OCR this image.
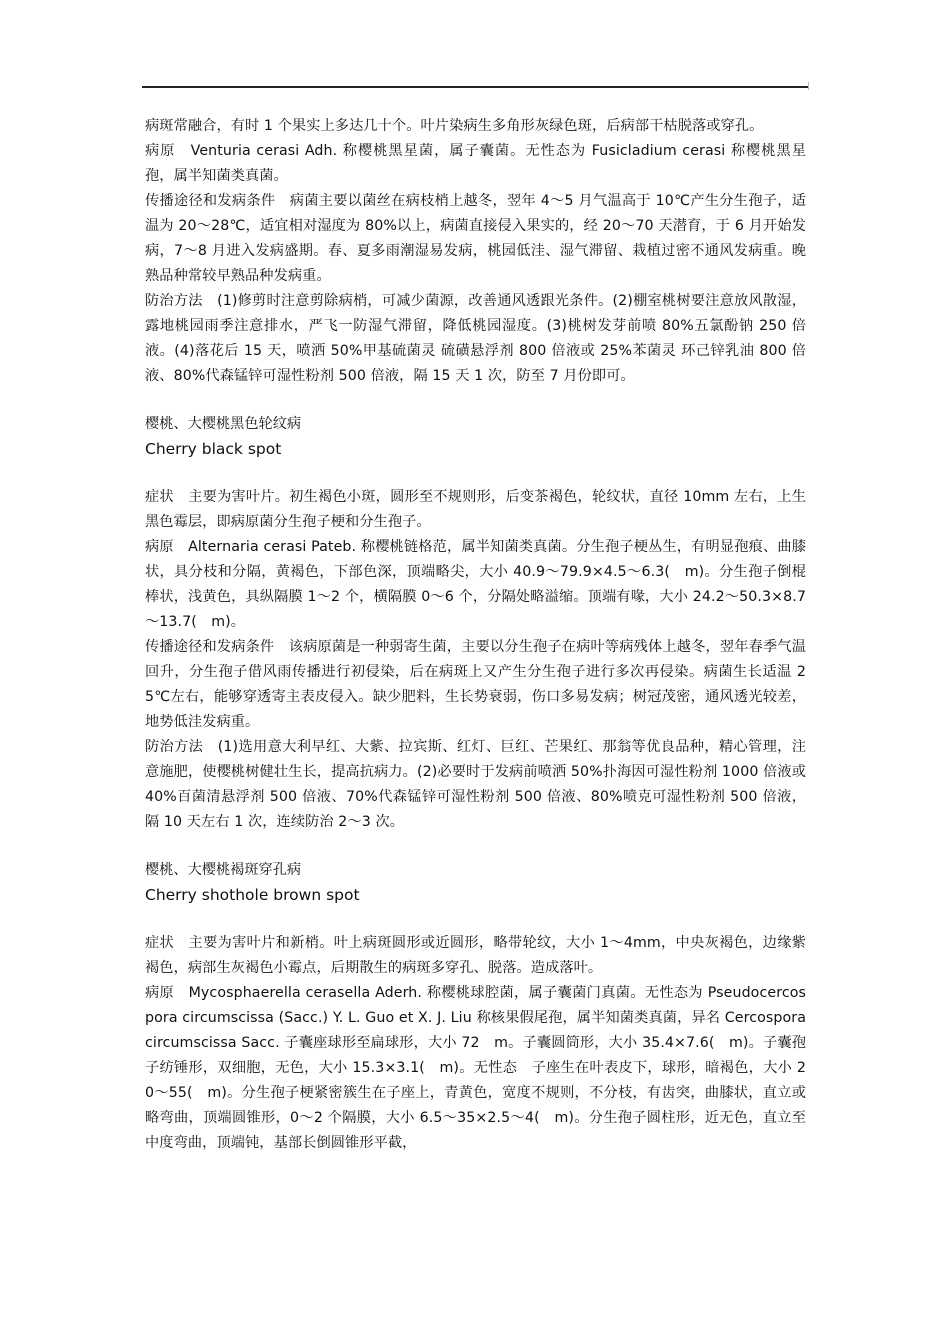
病斑常融合，有时 1 个果实上多达几十个。叶片染病生多角形灰绿色斑，后病部干枯脱落或穿孔。

病原　Venturia cerasi Adh. 称樱桃黑星菌，属子囊菌。无性态为 Fusicladium cerasi 称樱桃黑星孢，属半知菌类真菌。

传播途径和发病条件　病菌主要以菌丝在病枝梢上越冬，翌年 4～5 月气温高于 10℃产生分生孢子，适温为 20～28℃，适宜相对湿度为 80%以上，病菌直接侵入果实的，经 20～70 天潜育，于 6 月开始发病，7～8 月进入发病盛期。春、夏多雨潮湿易发病，桃园低洼、湿气滞留、栽植过密不通风发病重。晚熟品种常较早熟品种发病重。

防治方法　(1)修剪时注意剪除病梢，可减少菌源，改善通风透跟光条件。(2)棚室桃树要注意放风散湿，露地桃园雨季注意排水，严飞一防湿气滞留，降低桃园湿度。(3)桃树发芽前喷 80%五氯酚钠 250 倍液。(4)落花后 15 天，喷洒 50%甲基硫菌灵 硫磺悬浮剂 800 倍液或 25%苯菌灵 环己锌乳油 800 倍液、80%代森锰锌可湿性粉剂 500 倍液，隔 15 天 1 次，防至 7 月份即可。

樱桃、大樱桃黑色轮纹病

Cherry black spot

症状　主要为害叶片。初生褐色小斑，圆形至不规则形，后变茶褐色，轮纹状，直径 10mm 左右，上生黑色霉层，即病原菌分生孢子梗和分生孢子。

病原　Alternaria cerasi Pateb. 称樱桃链格范，属半知菌类真菌。分生孢子梗丛生，有明显孢痕、曲膝状，具分枝和分隔，黄褐色，下部色深，顶端略尖，大小 40.9～79.9×4.5～6.3(　m)。分生孢子倒棍棒状，浅黄色，具纵隔膜 1～2 个，横隔膜 0～6 个，分隔处略溢缩。顶端有喙，大小 24.2～50.3×8.7～13.7(　m)。

传播途径和发病条件　该病原菌是一种弱寄生菌，主要以分生孢子在病叶等病残体上越冬，翌年春季气温回升，分生孢子借风雨传播进行初侵染，后在病斑上又产生分生孢子进行多次再侵染。病菌生长适温 25℃左右，能够穿透寄主表皮侵入。缺少肥料，生长势衰弱，伤口多易发病；树冠茂密，通风透光较差，地势低洼发病重。

防治方法　(1)选用意大利早红、大紫、拉宾斯、红灯、巨红、芒果红、那翁等优良品种，精心管理，注意施肥，使樱桃树健壮生长，提高抗病力。(2)必要时于发病前喷洒 50%扑海因可湿性粉剂 1000 倍液或 40%百菌清悬浮剂 500 倍液、70%代森锰锌可湿性粉剂 500 倍液、80%喷克可湿性粉剂 500 倍液，隔 10 天左右 1 次，连续防治 2～3 次。

樱桃、大樱桃褐斑穿孔病

Cherry shothole brown spot

症状　主要为害叶片和新梢。叶上病斑圆形或近圆形，略带轮纹，大小 1～4mm，中央灰褐色，边缘紫褐色，病部生灰褐色小霉点，后期散生的病斑多穿孔、脱落。造成落叶。

病原　Mycosphaerella cerasella Aderh. 称樱桃球腔菌，属子囊菌门真菌。无性态为 Pseudocercospora circumscissa (Sacc.) Y. L. Guo et X. J. Liu 称核果假尾孢，属半知菌类真菌，异名 Cercospora circumscissa Sacc. 子囊座球形至扁球形，大小 72　m。子囊圆筒形，大小 35.4×7.6(　m)。子囊孢子纺锤形，双细胞，无色，大小 15.3×3.1(　m)。无性态　子座生在叶表皮下，球形，暗褐色，大小 20～55(　m)。分生孢子梗紧密簇生在子座上，青黄色，宽度不规则，不分枝，有齿突，曲膝状，直立或略弯曲，顶端圆锥形，0～2 个隔膜，大小 6.5～35×2.5～4(　m)。分生孢子圆柱形，近无色，直立至中度弯曲，顶端钝，基部长倒圆锥形平截，
